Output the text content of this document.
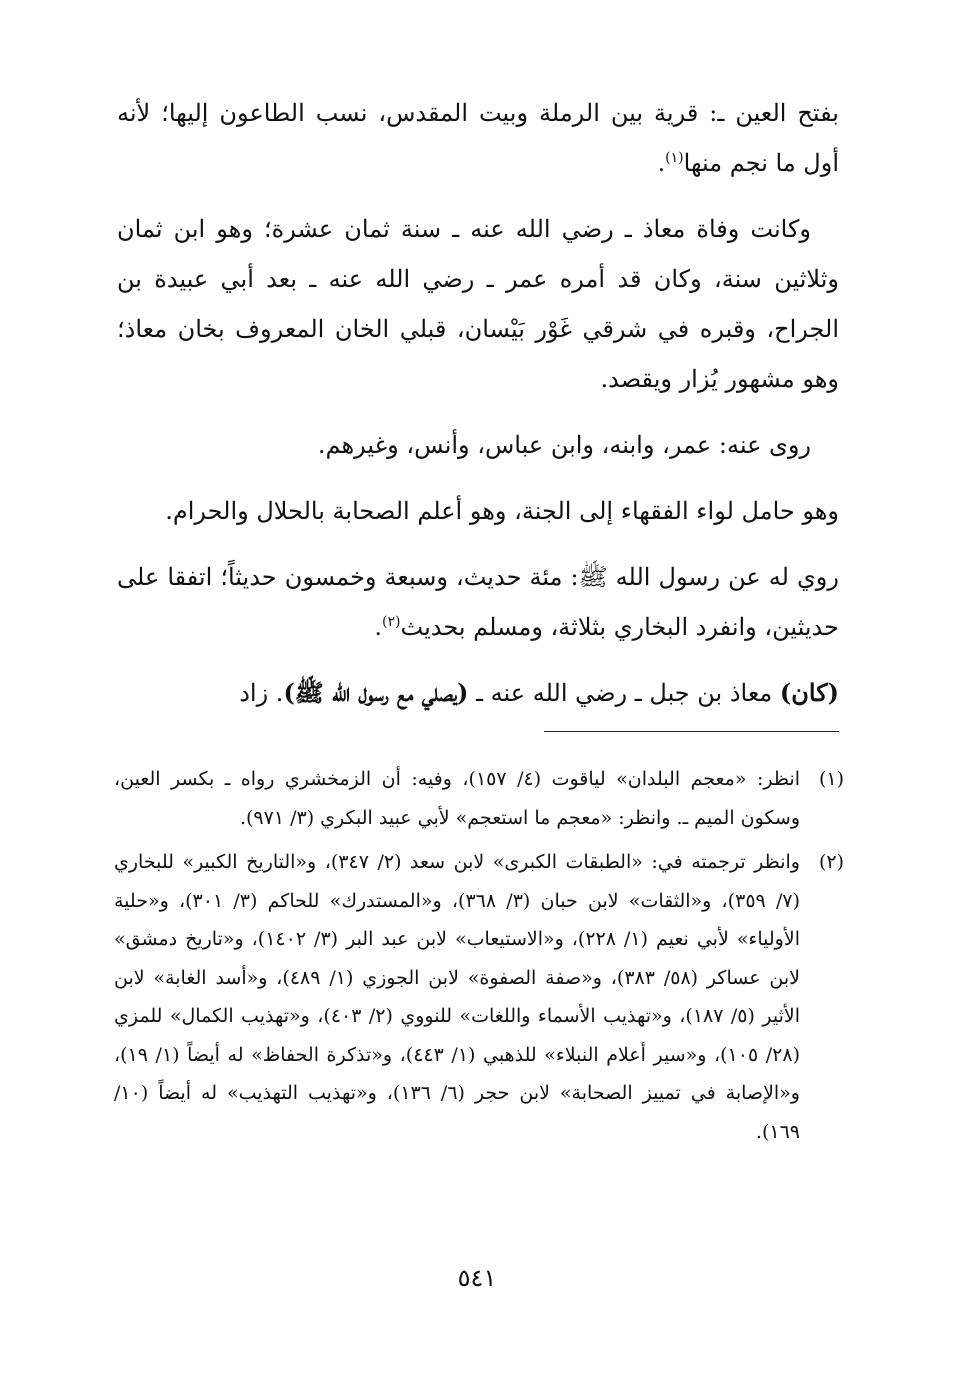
بفتح العين ـ: قرية بين الرملة وبيت المقدس، نسب الطاعون إليها؛ لأنه أول ما نجم منها$^{(١)}$.

وكانت وفاة معاذ ـ رضي الله عنه ـ سنة ثمان عشرة؛ وهو ابن ثمان وثلاثين سنة، وكان قد أمره عمر ـ رضي الله عنه ـ بعد أبي عبيدة بن الجراح، وقبره في شرقي غَوْر بَيْسان، قبلي الخان المعروف بخان معاذ؛ وهو مشهور يُزار ويقصد.

روى عنه: عمر، وابنه، وابن عباس، وأنس، وغيرهم.

وهو حامل لواء الفقهاء إلى الجنة، وهو أعلم الصحابة بالحلال والحرام.

روي له عن رسول الله ﷺ: مئة حديث، وسبعة وخمسون حديثاً؛ اتفقا على حديثين، وانفرد البخاري بثلاثة، ومسلم بحديث$^{(٢)}$.

(كان) معاذ بن جبل ـ رضي الله عنه ـ (يصلي مع رسول الله ﷺ). زاد

(١)
انظر: «معجم البلدان» لياقوت (٤/ ١٥٧)، وفيه: أن الزمخشري رواه ـ بكسر العين، وسكون الميم ـ. وانظر: «معجم ما استعجم» لأبي عبيد البكري (٣/ ٩٧١).
(٢)
وانظر ترجمته في: «الطبقات الكبرى» لابن سعد (٢/ ٣٤٧)، و«التاريخ الكبير» للبخاري (٧/ ٣٥٩)، و«الثقات» لابن حبان (٣/ ٣٦٨)، و«المستدرك» للحاكم (٣/ ٣٠١)، و«حلية الأولياء» لأبي نعيم (١/ ٢٢٨)، و«الاستيعاب» لابن عبد البر (٣/ ١٤٠٢)، و«تاريخ دمشق» لابن عساكر (٥٨/ ٣٨٣)، و«صفة الصفوة» لابن الجوزي (١/ ٤٨٩)، و«أسد الغابة» لابن الأثير (٥/ ١٨٧)، و«تهذيب الأسماء واللغات» للنووي (٢/ ٤٠٣)، و«تهذيب الكمال» للمزي (٢٨/ ١٠٥)، و«سير أعلام النبلاء» للذهبي (١/ ٤٤٣)، و«تذكرة الحفاظ» له أيضاً (١/ ١٩)، و«الإصابة في تمييز الصحابة» لابن حجر (٦/ ١٣٦)، و«تهذيب التهذيب» له أيضاً (١٠/ ١٦٩).
٥٤١
